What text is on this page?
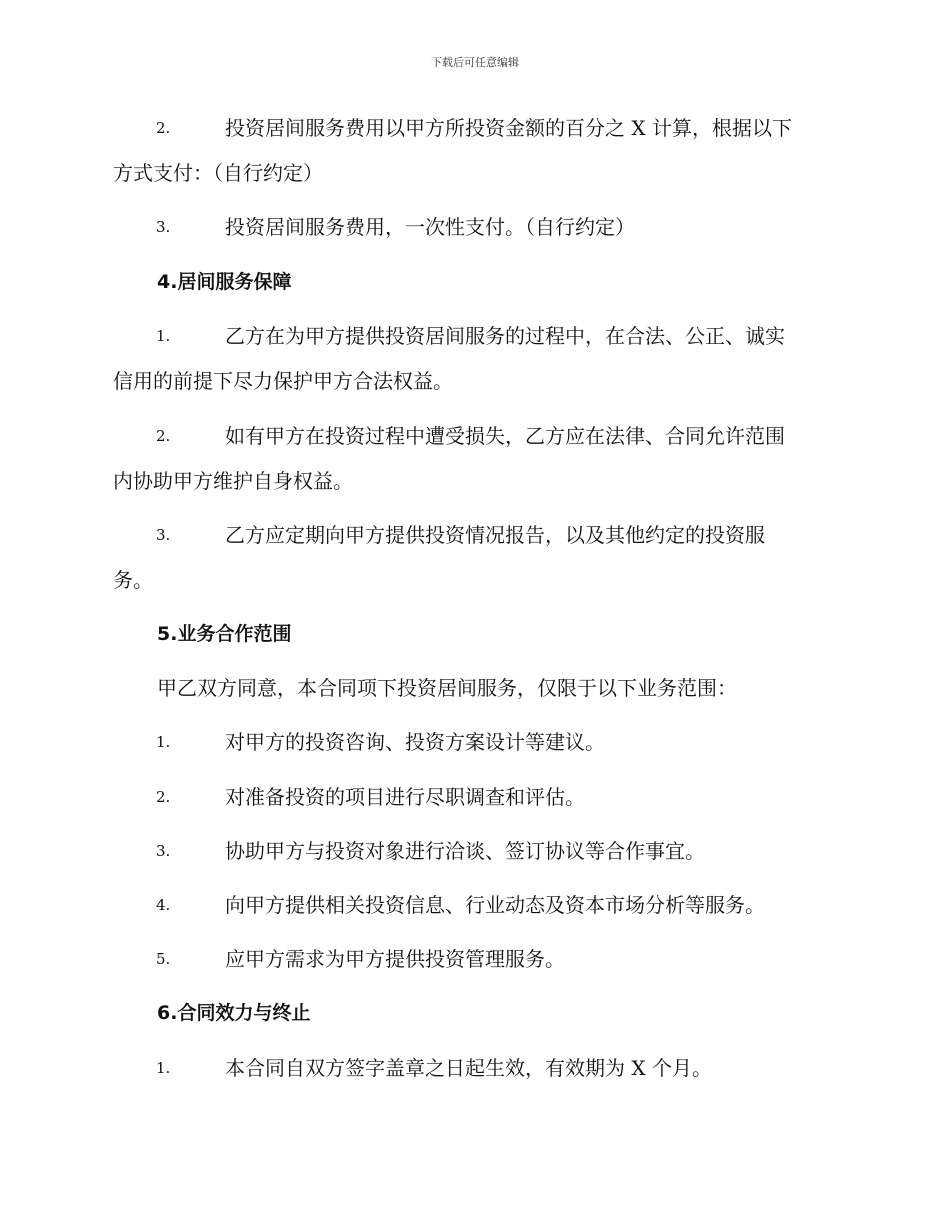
下载后可任意编辑
2.	投资居间服务费用以甲方所投资金额的百分之 X 计算，根据以下
方式支付：（自行约定）
3.	投资居间服务费用，一次性支付。（自行约定）
4.居间服务保障
1.	乙方在为甲方提供投资居间服务的过程中，在合法、公正、诚实
信用的前提下尽力保护甲方合法权益。
2.	如有甲方在投资过程中遭受损失，乙方应在法律、合同允许范围
内协助甲方维护自身权益。
3.	乙方应定期向甲方提供投资情况报告，以及其他约定的投资服
务。
5.业务合作范围
甲乙双方同意，本合同项下投资居间服务，仅限于以下业务范围：
1.	对甲方的投资咨询、投资方案设计等建议。
2.	对准备投资的项目进行尽职调查和评估。
3.	协助甲方与投资对象进行洽谈、签订协议等合作事宜。
4.	向甲方提供相关投资信息、行业动态及资本市场分析等服务。
5.	应甲方需求为甲方提供投资管理服务。
6.合同效力与终止
1.	本合同自双方签字盖章之日起生效，有效期为 X 个月。
